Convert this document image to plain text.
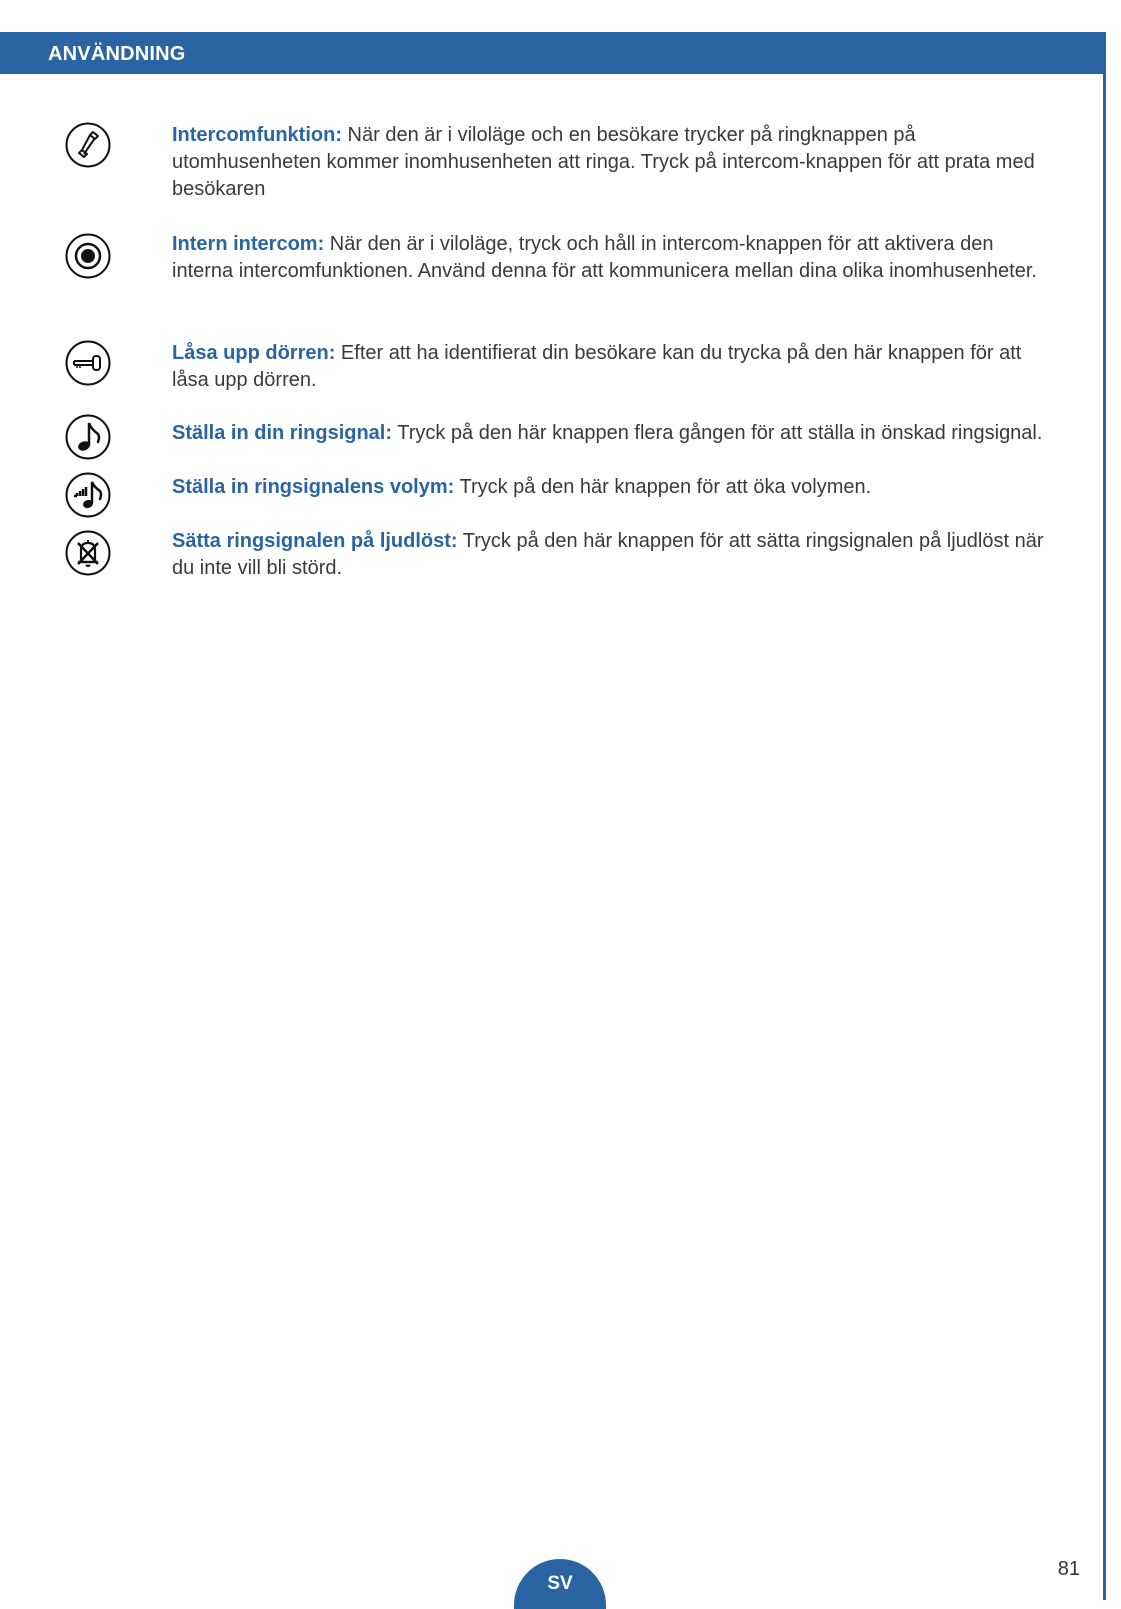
ANVÄNDNING
Intercomfunktion: När den är i viloläge och en besökare trycker på ringknappen på utomhusenheten kommer inomhusenheten att ringa. Tryck på intercom-knappen för att prata med besökaren
Intern intercom: När den är i viloläge, tryck och håll in intercom-knappen för att aktivera den interna intercomfunktionen. Använd denna för att kommunicera mellan dina olika inomhusenheter.
Låsa upp dörren: Efter att ha identifierat din besökare kan du trycka på den här knappen för att låsa upp dörren.
Ställa in din ringsignal: Tryck på den här knappen flera gången för att ställa in önskad ringsignal.
Ställa in ringsignalens volym: Tryck på den här knappen för att öka volymen.
Sätta ringsignalen på ljudlöst: Tryck på den här knappen för att sätta ringsignalen på ljudlöst när du inte vill bli störd.
SV
81
